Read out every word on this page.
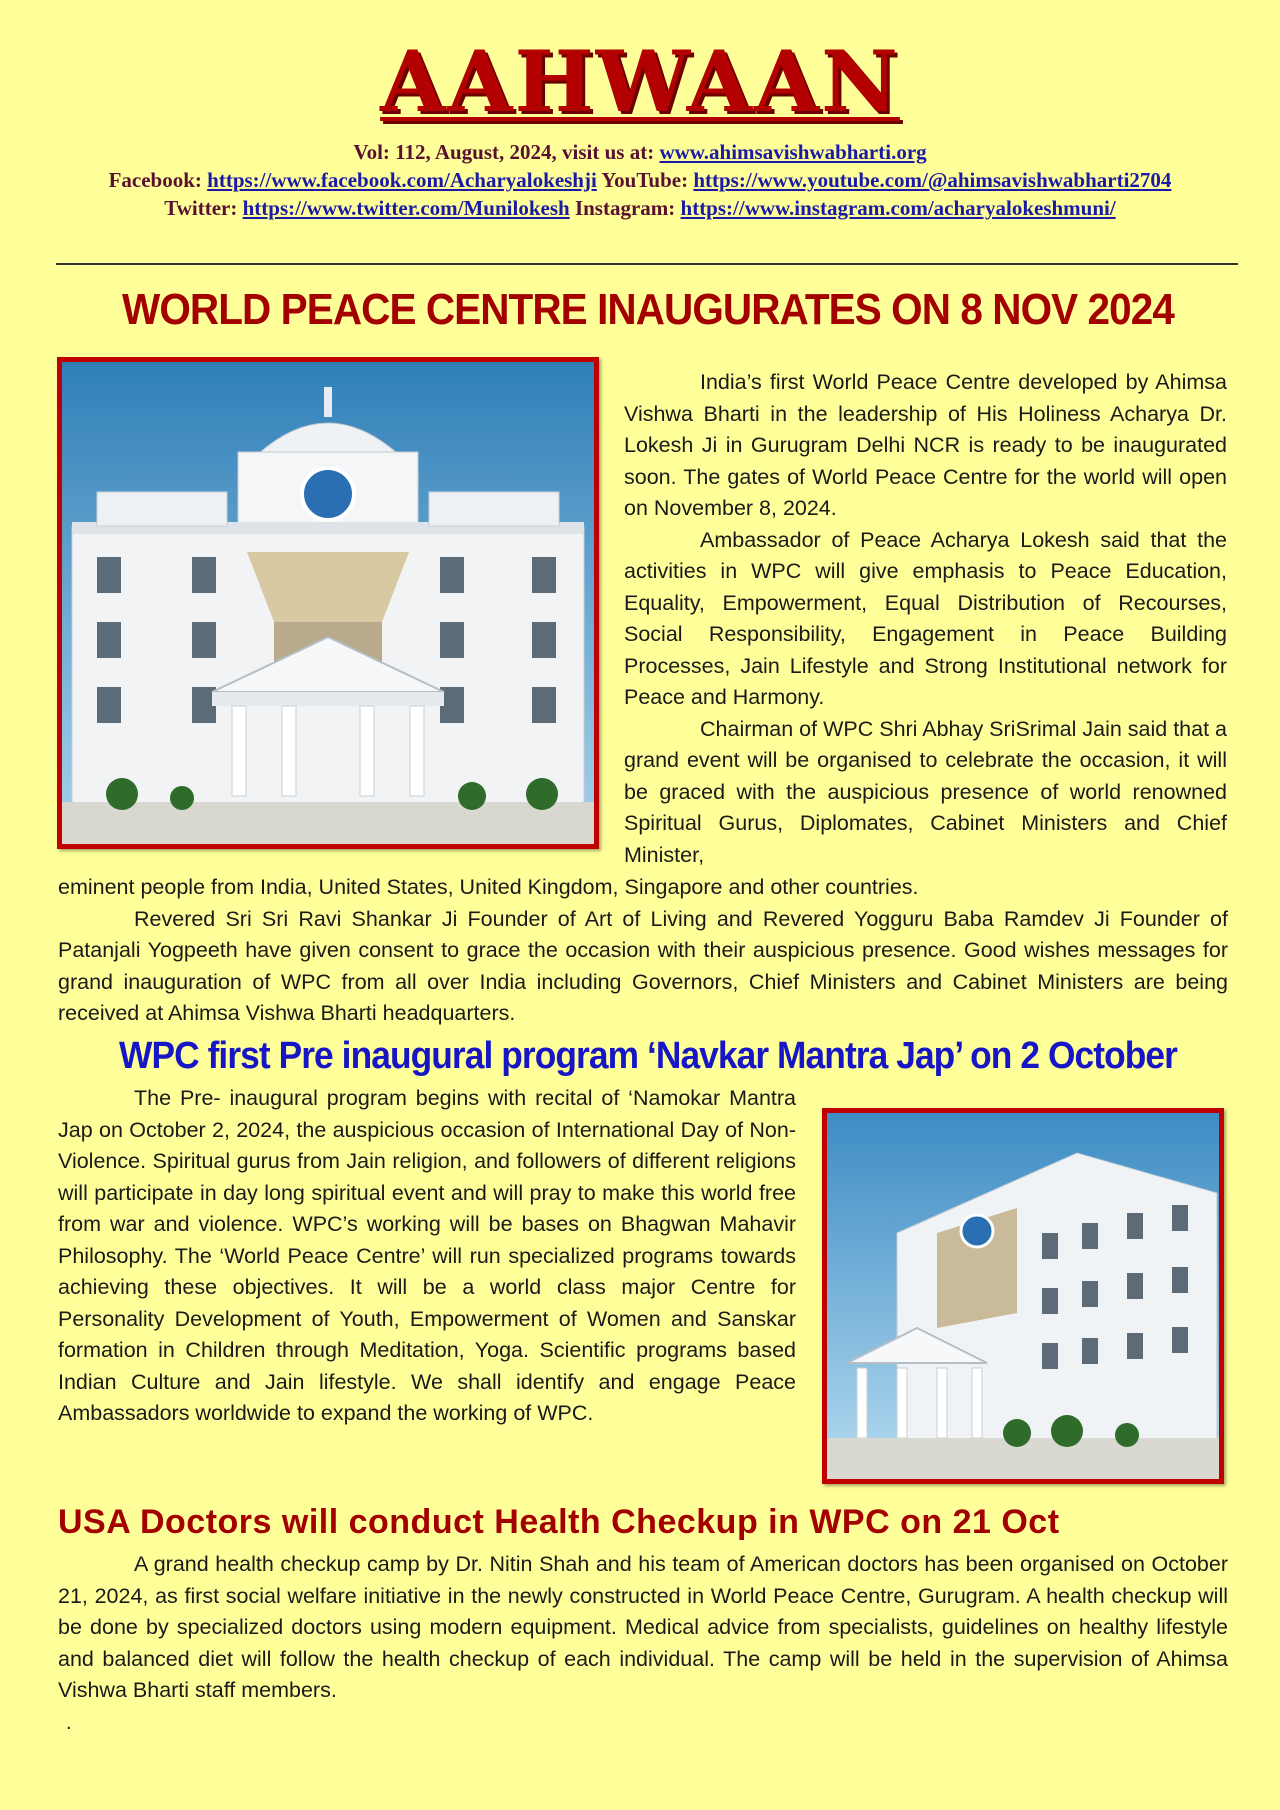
AAHWAAN
Vol: 112, August, 2024, visit us at: www.ahimsavishwabharti.org
Facebook: https://www.facebook.com/Acharyalokeshji YouTube: https://www.youtube.com/@ahimsavishwabharti2704
Twitter: https://www.twitter.com/Munilokesh Instagram: https://www.instagram.com/acharyalokeshmuni/
WORLD PEACE CENTRE INAUGURATES ON 8 NOV 2024

India’s first World Peace Centre developed by Ahimsa Vishwa Bharti in the leadership of His Holiness Acharya Dr. Lokesh Ji in Gurugram Delhi NCR is ready to be inaugurated soon. The gates of World Peace Centre for the world will open on November 8, 2024.

Ambassador of Peace Acharya Lokesh said that the activities in WPC will give emphasis to Peace Education, Equality, Empowerment, Equal Distribution of Recourses, Social Responsibility, Engagement in Peace Building Processes, Jain Lifestyle and Strong Institutional network for Peace and Harmony.

Chairman of WPC Shri Abhay SriSrimal Jain said that a grand event will be organised to celebrate the occasion, it will be graced with the auspicious presence of world renowned Spiritual Gurus, Diplomates, Cabinet Ministers and Chief Minister,

eminent people from India, United States, United Kingdom, Singapore and other countries.

Revered Sri Sri Ravi Shankar Ji Founder of Art of Living and Revered Yogguru Baba Ramdev Ji Founder of Patanjali Yogpeeth have given consent to grace the occasion with their auspicious presence. Good wishes messages for grand inauguration of WPC from all over India including Governors, Chief Ministers and Cabinet Ministers are being received at Ahimsa Vishwa Bharti headquarters.

WPC first Pre inaugural program ‘Navkar Mantra Jap’ on 2 October

The Pre- inaugural program begins with recital of ‘Namokar Mantra Jap on October 2, 2024, the auspicious occasion of International Day of Non- Violence. Spiritual gurus from Jain religion, and followers of different religions will participate in day long spiritual event and will pray to make this world free from war and violence. WPC’s working will be bases on Bhagwan Mahavir Philosophy. The ‘World Peace Centre’ will run specialized programs towards achieving these objectives. It will be a world class major Centre for Personality Development of Youth, Empowerment of Women and Sanskar formation in Children through Meditation, Yoga. Scientific programs based Indian Culture and Jain lifestyle. We shall identify and engage Peace Ambassadors worldwide to expand the working of WPC.

USA Doctors will conduct Health Checkup in WPC on 21 Oct

A grand health checkup camp by Dr. Nitin Shah and his team of American doctors has been organised on October 21, 2024, as first social welfare initiative in the newly constructed in World Peace Centre, Gurugram. A health checkup will be done by specialized doctors using modern equipment. Medical advice from specialists, guidelines on healthy lifestyle and balanced diet will follow the health checkup of each individual. The camp will be held in the supervision of Ahimsa Vishwa Bharti staff members.

.
